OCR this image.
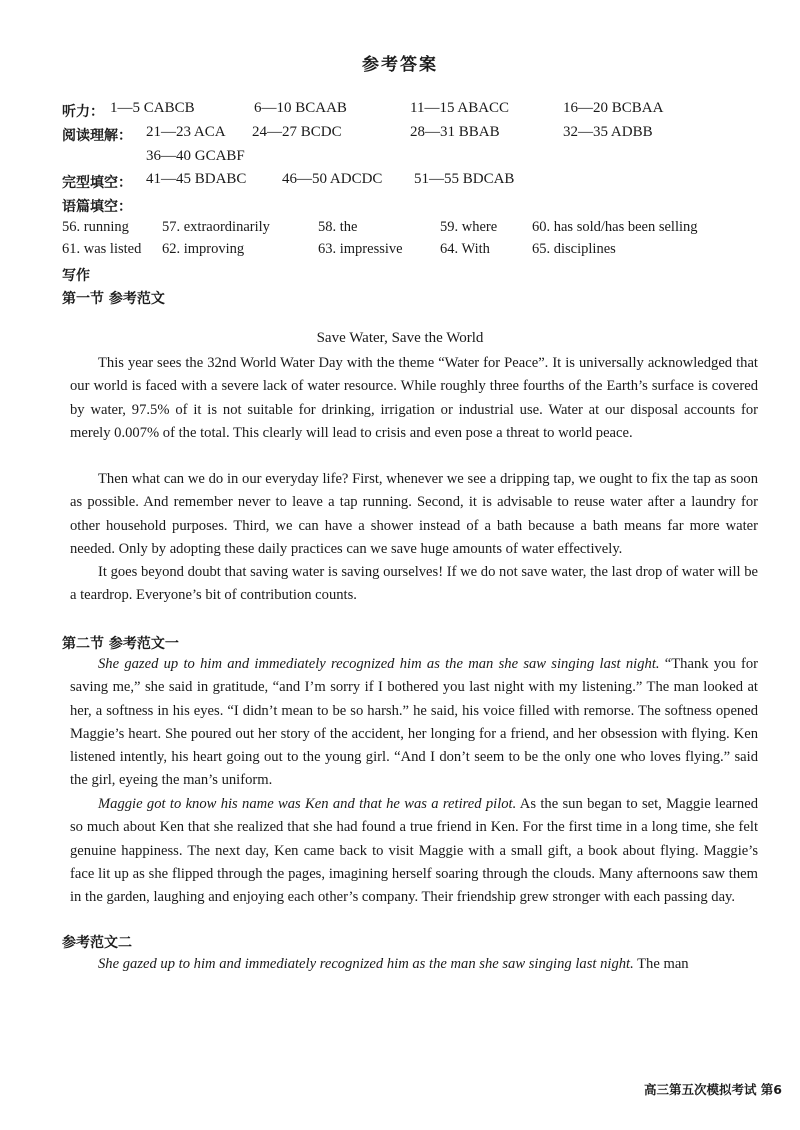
参考答案
听力： 1—5 CABCB	6—10 BCAAB	11—15 ABACC	16—20 BCBAA
阅读理解： 21—23 ACA 24—27 BCDC	28—31 BBAB	32—35 ADBB
36—40 GCABF
完型填空： 41—45 BDABC 46—50 ADCDC 51—55 BDCAB
语篇填空：
56. running 57. extraordinarily	58. the	59. where 60. has sold/has been selling
61. was listed 62. improving	63. impressive	64. With	65. disciplines
写作
第一节 参考范文
Save Water, Save the World

This year sees the 32nd World Water Day with the theme “Water for Peace”. It is universally acknowledged that our world is faced with a severe lack of water resource. While roughly three fourths of the Earth’s surface is covered by water, 97.5% of it is not suitable for drinking, irrigation or industrial use. Water at our disposal accounts for merely 0.007% of the total. This clearly will lead to crisis and even pose a threat to world peace.

Then what can we do in our everyday life? First, whenever we see a dripping tap, we ought to fix the tap as soon as possible. And remember never to leave a tap running. Second, it is advisable to reuse water after a laundry for other household purposes. Third, we can have a shower instead of a bath because a bath means far more water needed. Only by adopting these daily practices can we save huge amounts of water effectively.

It goes beyond doubt that saving water is saving ourselves! If we do not save water, the last drop of water will be a teardrop. Everyone’s bit of contribution counts.

第二节 参考范文一

She gazed up to him and immediately recognized him as the man she saw singing last night. “Thank you for saving me,” she said in gratitude, “and I’m sorry if I bothered you last night with my listening.” The man looked at her, a softness in his eyes. “I didn’t mean to be so harsh.” he said, his voice filled with remorse. The softness opened Maggie’s heart. She poured out her story of the accident, her longing for a friend, and her obsession with flying. Ken listened intently, his heart going out to the young girl. “And I don’t seem to be the only one who loves flying.” said the girl, eyeing the man’s uniform.

Maggie got to know his name was Ken and that he was a retired pilot. As the sun began to set, Maggie learned so much about Ken that she realized that she had found a true friend in Ken. For the first time in a long time, she felt genuine happiness. The next day, Ken came back to visit Maggie with a small gift, a book about flying. Maggie’s face lit up as she flipped through the pages, imagining herself soaring through the clouds. Many afternoons saw them in the garden, laughing and enjoying each other’s company. Their friendship grew stronger with each passing day.

参考范文二

She gazed up to him and immediately recognized him as the man she saw singing last night. The man

高三第五次模拟考试 第6
